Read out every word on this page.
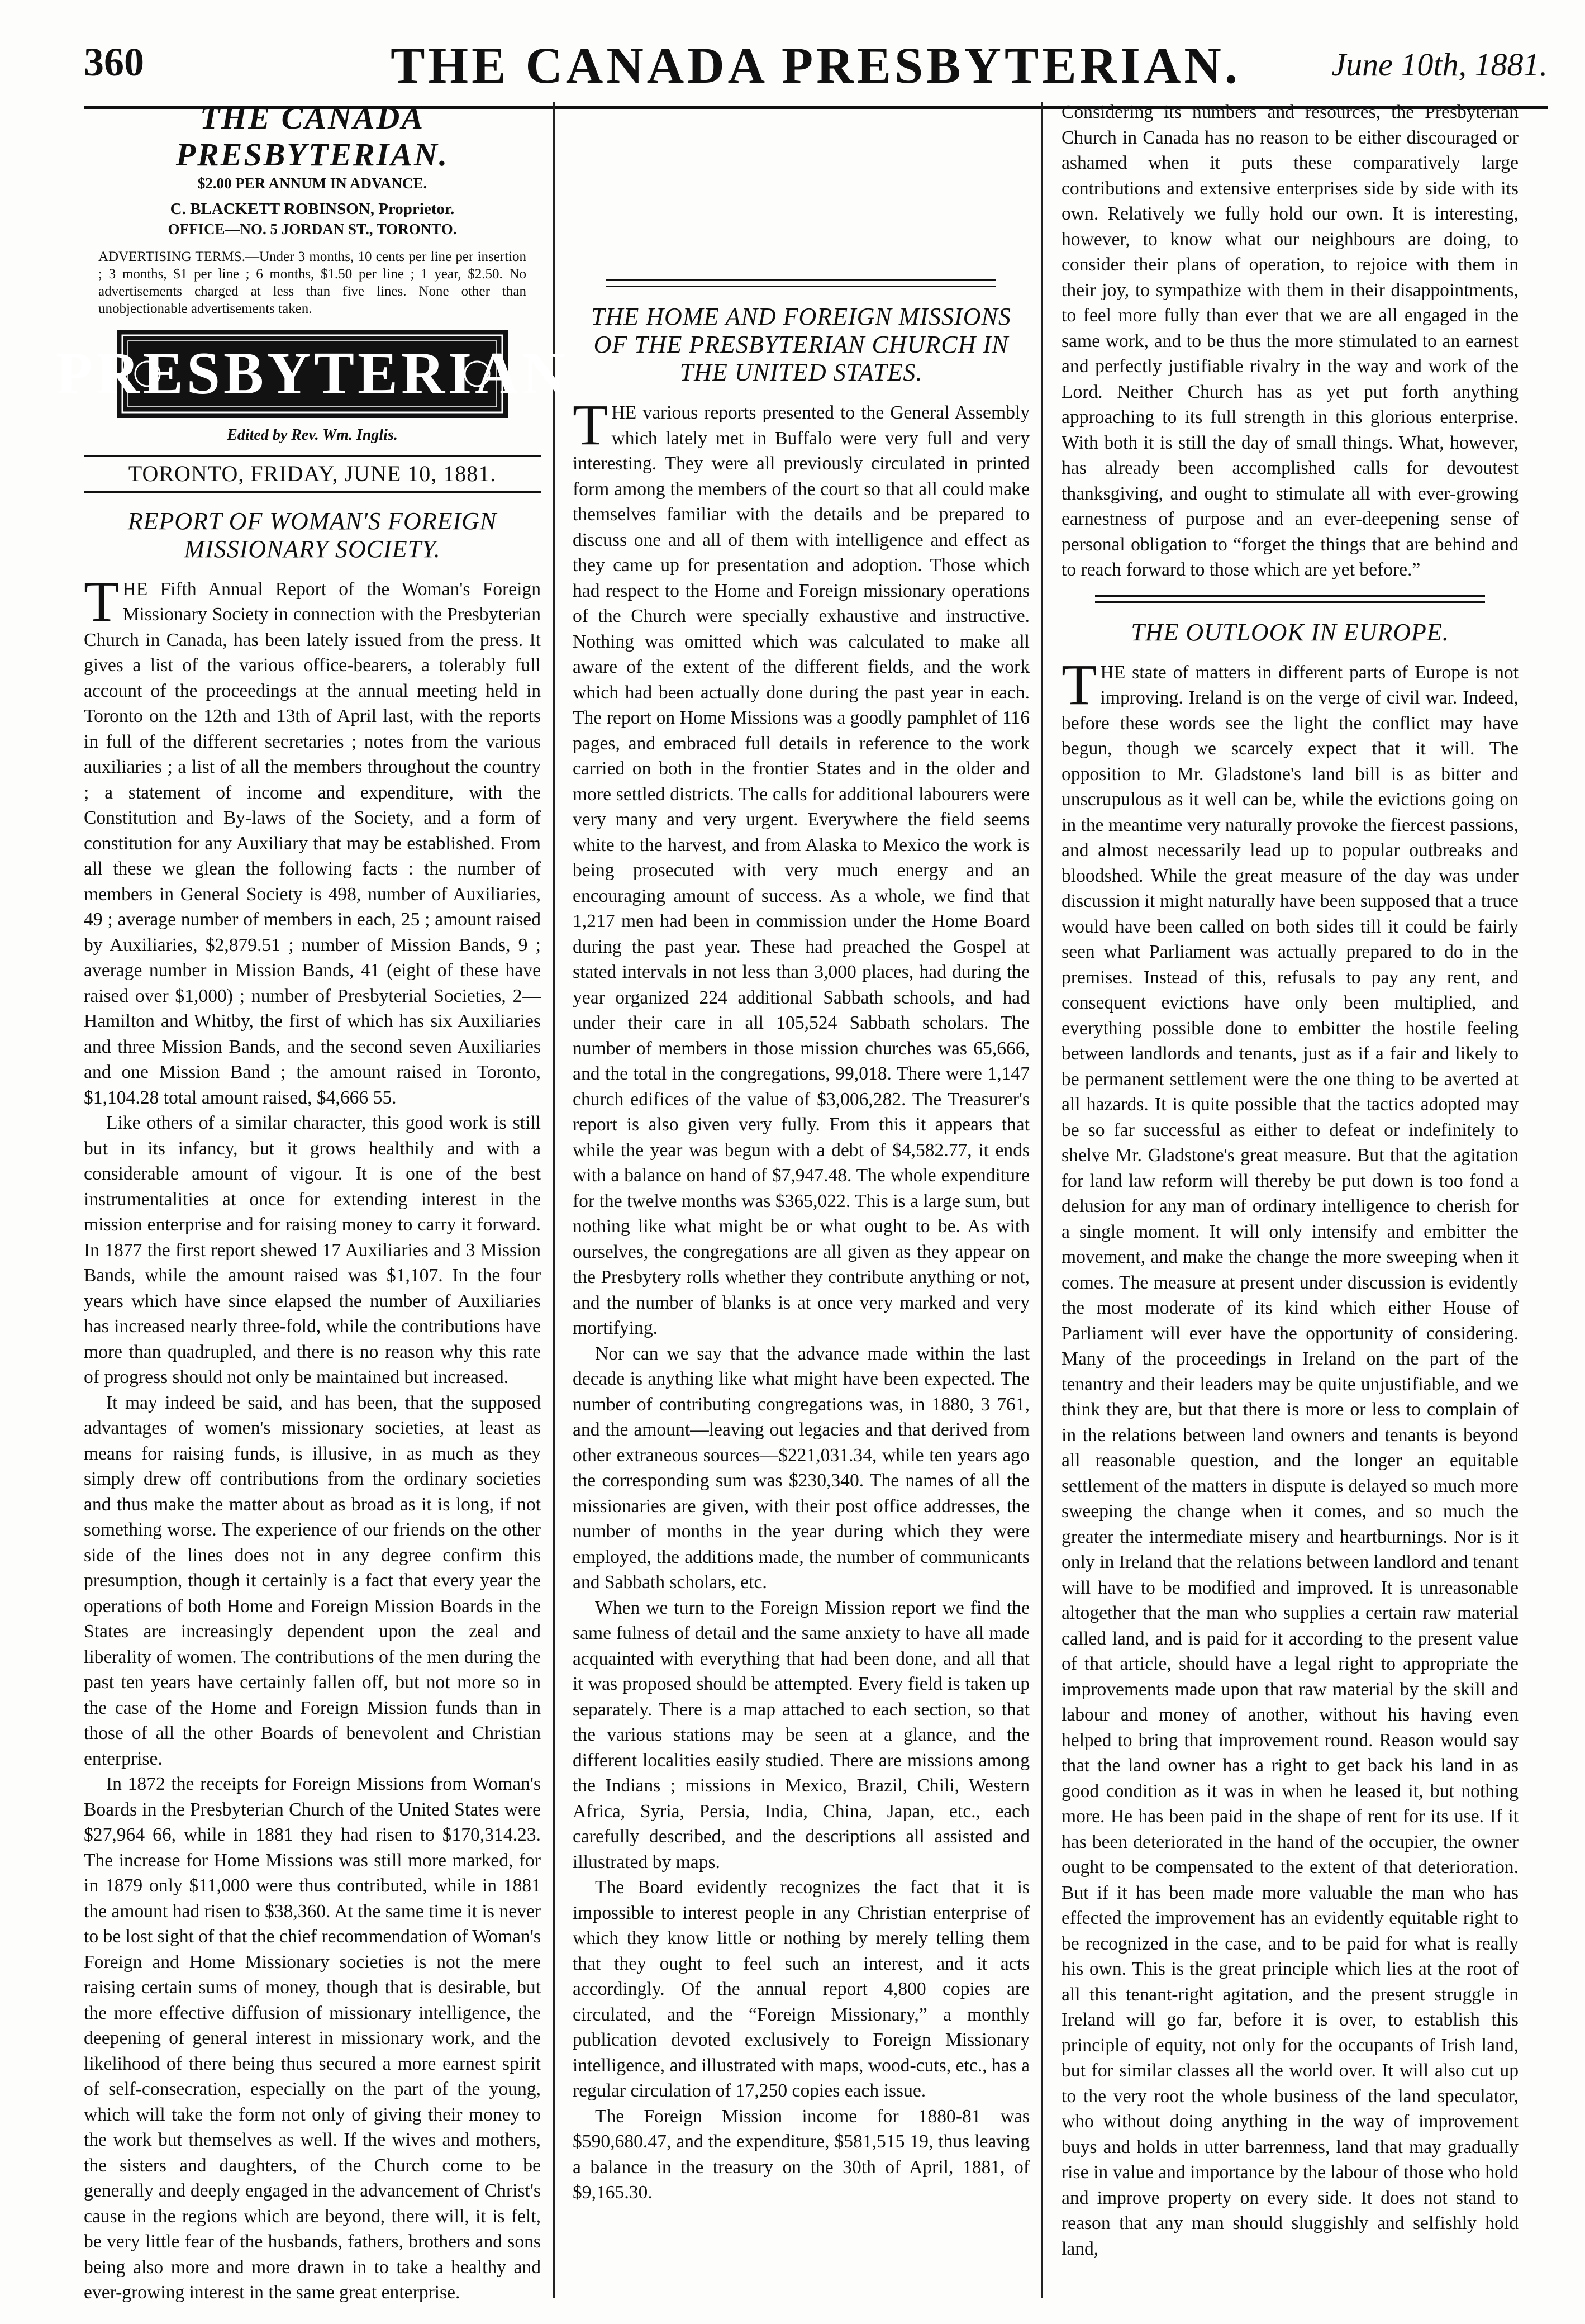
360	THE CANADA PRESBYTERIAN.	Junе 10th, 1881.
THE CANADA PRESBYTERIAN.
$2.00 PER ANNUM IN ADVANCE.
C. BLACKETT ROBINSON, Proprietor.
OFFICE—NO. 5 JORDAN ST., TORONTO.
ADVERTISING TERMS.—Under 3 months, 10 cents per line per insertion ; 3 months, $1 per line ; 6 months, $1.50 per line ; 1 year, $2.50. No advertisements charged at less than five lines. None other than unobjectionable advertisements taken.
PRESBYTERIAN
Edited by Rev. Wm. Inglis.
TORONTO, FRIDAY, JUNE 10, 1881.
REPORT OF WOMAN'S FOREIGN MISSIONARY SOCIETY.

THE Fifth Annual Report of the Woman's Foreign Missionary Society in connection with the Presbyterian Church in Canada, has been lately issued from the press. It gives a list of the various office-bearers, a tolerably full account of the proceedings at the annual meeting held in Toronto on the 12th and 13th of April last, with the reports in full of the different secretaries ; notes from the various auxiliaries ; a list of all the members throughout the country ; a statement of income and expenditure, with the Constitution and By-laws of the Society, and a form of constitution for any Auxiliary that may be established. From all these we glean the following facts : the number of members in General Society is 498, number of Auxiliaries, 49 ; average number of members in each, 25 ; amount raised by Auxiliaries, $2,879.51 ; number of Mission Bands, 9 ; average number in Mission Bands, 41 (eight of these have raised over $1,000) ; number of Presbyterial Societies, 2—Hamilton and Whitby, the first of which has six Auxiliaries and three Mission Bands, and the second seven Auxiliaries and one Mission Band ; the amount raised in Toronto, $1,104.28 total amount raised, $4,666 55.

Like others of a similar character, this good work is still but in its infancy, but it grows healthily and with a considerable amount of vigour. It is one of the best instrumentalities at once for extending interest in the mission enterprise and for raising money to carry it forward. In 1877 the first report shewed 17 Auxiliaries and 3 Mission Bands, while the amount raised was $1,107. In the four years which have since elapsed the number of Auxiliaries has increased nearly three-fold, while the contributions have more than quadrupled, and there is no reason why this rate of progress should not only be maintained but increased.

It may indeed be said, and has been, that the supposed advantages of women's missionary societies, at least as means for raising funds, is illusive, in as much as they simply drew off contributions from the ordinary societies and thus make the matter about as broad as it is long, if not something worse. The experience of our friends on the other side of the lines does not in any degree confirm this presumption, though it certainly is a fact that every year the operations of both Home and Foreign Mission Boards in the States are increasingly dependent upon the zeal and liberality of women. The contributions of the men during the past ten years have certainly fallen off, but not more so in the case of the Home and Foreign Mission funds than in those of all the other Boards of benevolent and Christian enterprise.

In 1872 the receipts for Foreign Missions from Woman's Boards in the Presbyterian Church of the United States were $27,964 66, while in 1881 they had risen to $170,314.23. The increase for Home Missions was still more marked, for in 1879 only $11,000 were thus contributed, while in 1881 the amount had risen to $38,360. At the same time it is never to be lost sight of that the chief recommendation of Woman's Foreign and Home Missionary societies is not the mere raising certain sums of money, though that is desirable, but the more effective diffusion of missionary intelligence, the deepening of general interest in missionary work, and the likelihood of there being thus secured a more earnest spirit of self-consecration, especially on the part of the young, which will take the form not only of giving their money to the work but themselves as well. If the wives and mothers, the sisters and daughters, of the Church come to be generally and deeply engaged in the advancement of Christ's cause in the regions which are beyond, there will, it is felt, be very little fear of the husbands, fathers, brothers and sons being also more and more drawn in to take a healthy and ever-growing interest in the same great enterprise.

THE HOME AND FOREIGN MISSIONS OF THE PRESBYTERIAN CHURCH IN THE UNITED STATES.

THE various reports presented to the General Assembly which lately met in Buffalo were very full and very interesting. They were all previously circulated in printed form among the members of the court so that all could make themselves familiar with the details and be prepared to discuss one and all of them with intelligence and effect as they came up for presentation and adoption. Those which had respect to the Home and Foreign missionary operations of the Church were specially exhaustive and instructive. Nothing was omitted which was calculated to make all aware of the extent of the different fields, and the work which had been actually done during the past year in each. The report on Home Missions was a goodly pamphlet of 116 pages, and embraced full details in reference to the work carried on both in the frontier States and in the older and more settled districts. The calls for additional labourers were very many and very urgent. Everywhere the field seems white to the harvest, and from Alaska to Mexico the work is being prosecuted with very much energy and an encouraging amount of success. As a whole, we find that 1,217 men had been in commission under the Home Board during the past year. These had preached the Gospel at stated intervals in not less than 3,000 places, had during the year organized 224 additional Sabbath schools, and had under their care in all 105,524 Sabbath scholars. The number of members in those mission churches was 65,666, and the total in the congregations, 99,018. There were 1,147 church edifices of the value of $3,006,282. The Treasurer's report is also given very fully. From this it appears that while the year was begun with a debt of $4,582.77, it ends with a balance on hand of $7,947.48. The whole expenditure for the twelve months was $365,022. This is a large sum, but nothing like what might be or what ought to be. As with ourselves, the congregations are all given as they appear on the Presbytery rolls whether they contribute anything or not, and the number of blanks is at once very marked and very mortifying.

Nor can we say that the advance made within the last decade is anything like what might have been expected. The number of contributing congregations was, in 1880, 3 761, and the amount—leaving out legacies and that derived from other extraneous sources—$221,031.34, while ten years ago the corresponding sum was $230,340. The names of all the missionaries are given, with their post office addresses, the number of months in the year during which they were employed, the additions made, the number of communicants and Sabbath scholars, etc.

When we turn to the Foreign Mission report we find the same fulness of detail and the same anxiety to have all made acquainted with everything that had been done, and all that it was proposed should be attempted. Every field is taken up separately. There is a map attached to each section, so that the various stations may be seen at a glance, and the different localities easily studied. There are missions among the Indians ; missions in Mexico, Brazil, Chili, Western Africa, Syria, Persia, India, China, Japan, etc., each carefully described, and the descriptions all assisted and illustrated by maps.

The Board evidently recognizes the fact that it is impossible to interest people in any Christian enterprise of which they know little or nothing by merely telling them that they ought to feel such an interest, and it acts accordingly. Of the annual report 4,800 copies are circulated, and the “Foreign Missionary,” a monthly publication devoted exclusively to Foreign Missionary intelligence, and illustrated with maps, wood-cuts, etc., has a regular circulation of 17,250 copies each issue.

The Foreign Mission income for 1880-81 was $590,680.47, and the expenditure, $581,515 19, thus leaving a balance in the treasury on the 30th of April, 1881, of $9,165.30.

Considering its numbers and resources, the Presbyterian Church in Canada has no reason to be either discouraged or ashamed when it puts these comparatively large contributions and extensive enterprises side by side with its own. Relatively we fully hold our own. It is interesting, however, to know what our neighbours are doing, to consider their plans of operation, to rejoice with them in their joy, to sympathize with them in their disappointments, to feel more fully than ever that we are all engaged in the same work, and to be thus the more stimulated to an earnest and perfectly justifiable rivalry in the way and work of the Lord. Neither Church has as yet put forth anything approaching to its full strength in this glorious enterprise. With both it is still the day of small things. What, however, has already been accomplished calls for devoutest thanksgiving, and ought to stimulate all with ever-growing earnestness of purpose and an ever-deepening sense of personal obligation to “forget the things that are behind and to reach forward to those which are yet before.”

THE OUTLOOK IN EUROPE.

THE state of matters in different parts of Europe is not improving. Ireland is on the verge of civil war. Indeed, before these words see the light the conflict may have begun, though we scarcely expect that it will. The opposition to Mr. Gladstone's land bill is as bitter and unscrupulous as it well can be, while the evictions going on in the meantime very naturally provoke the fiercest passions, and almost necessarily lead up to popular outbreaks and bloodshed. While the great measure of the day was under discussion it might naturally have been supposed that a truce would have been called on both sides till it could be fairly seen what Parliament was actually prepared to do in the premises. Instead of this, refusals to pay any rent, and consequent evictions have only been multiplied, and everything possible done to embitter the hostile feeling between landlords and tenants, just as if a fair and likely to be permanent settlement were the one thing to be averted at all hazards. It is quite possible that the tactics adopted may be so far successful as either to defeat or indefinitely to shelve Mr. Gladstone's great measure. But that the agitation for land law reform will thereby be put down is too fond a delusion for any man of ordinary intelligence to cherish for a single moment. It will only intensify and embitter the movement, and make the change the more sweeping when it comes. The measure at present under discussion is evidently the most moderate of its kind which either House of Parliament will ever have the opportunity of considering. Many of the proceedings in Ireland on the part of the tenantry and their leaders may be quite unjustifiable, and we think they are, but that there is more or less to complain of in the relations between land owners and tenants is beyond all reasonable question, and the longer an equitable settlement of the matters in dispute is delayed so much more sweeping the change when it comes, and so much the greater the intermediate misery and heartburnings. Nor is it only in Ireland that the relations between landlord and tenant will have to be modified and improved. It is unreasonable altogether that the man who supplies a certain raw material called land, and is paid for it according to the present value of that article, should have a legal right to appropriate the improvements made upon that raw material by the skill and labour and money of another, without his having even helped to bring that improvement round. Reason would say that the land owner has a right to get back his land in as good condition as it was in when he leased it, but nothing more. He has been paid in the shape of rent for its use. If it has been deteriorated in the hand of the occupier, the owner ought to be compensated to the extent of that deterioration. But if it has been made more valuable the man who has effected the improvement has an evidently equitable right to be recognized in the case, and to be paid for what is really his own. This is the great principle which lies at the root of all this tenant-right agitation, and the present struggle in Ireland will go far, before it is over, to establish this principle of equity, not only for the occupants of Irish land, but for similar classes all the world over. It will also cut up to the very root the whole business of the land speculator, who without doing anything in the way of improvement buys and holds in utter barrenness, land that may gradually rise in value and importance by the labour of those who hold and improve property on every side. It does not stand to reason that any man should sluggishly and selfishly hold land,
